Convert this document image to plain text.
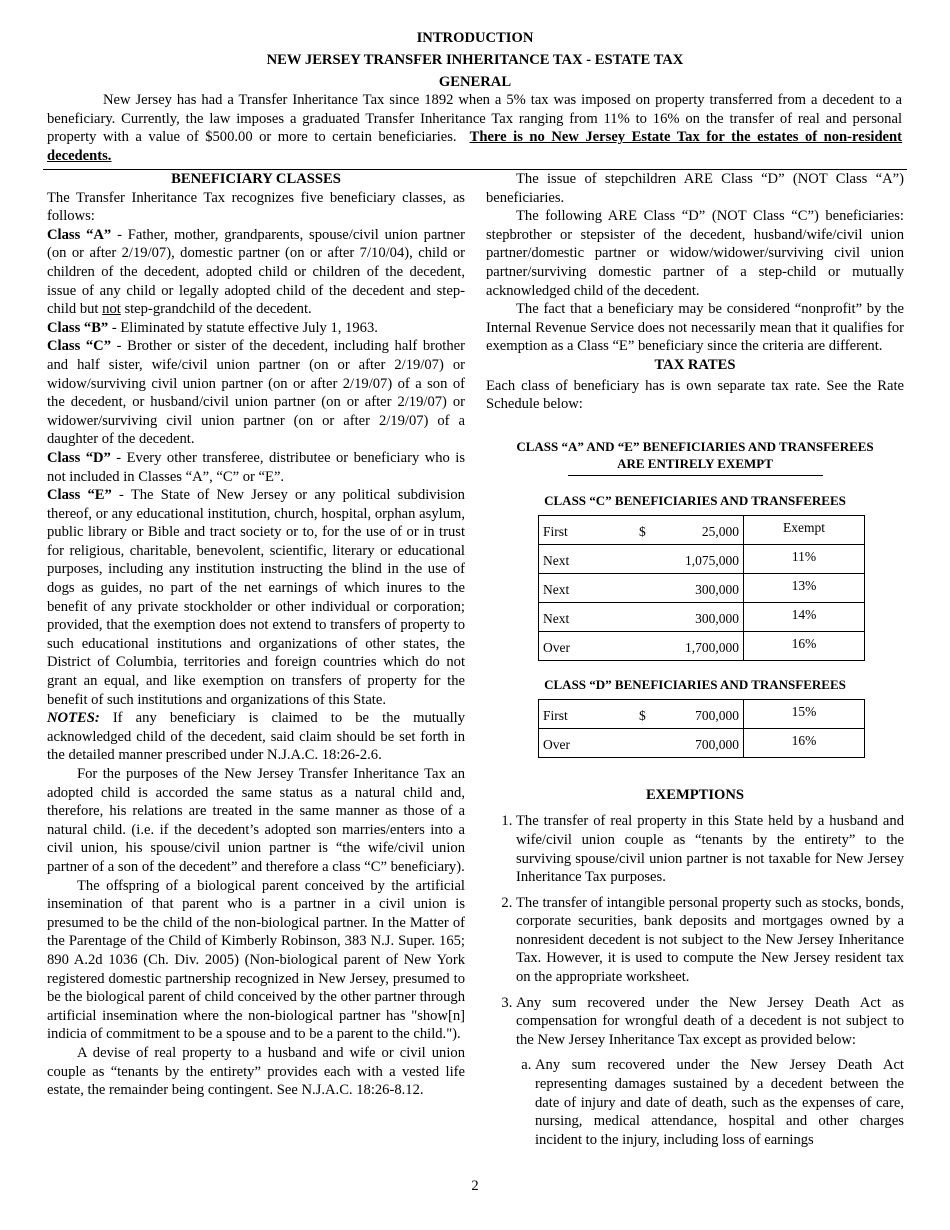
INTRODUCTION
NEW JERSEY TRANSFER INHERITANCE TAX - ESTATE TAX
GENERAL

New Jersey has had a Transfer Inheritance Tax since 1892 when a 5% tax was imposed on property transferred from a decedent to a beneficiary. Currently, the law imposes a graduated Transfer Inheritance Tax ranging from 11% to 16% on the transfer of real and personal property with a value of $500.00 or more to certain beneficiaries. There is no New Jersey Estate Tax for the estates of non-resident decedents.

BENEFICIARY CLASSES

The Transfer Inheritance Tax recognizes five beneficiary classes, as follows:

Class “A” - Father, mother, grandparents, spouse/civil union partner (on or after 2/19/07), domestic partner (on or after 7/10/04), child or children of the decedent, adopted child or children of the decedent, issue of any child or legally adopted child of the decedent and step-child but not step-grandchild of the decedent.

Class “B” - Eliminated by statute effective July 1, 1963.

Class “C” - Brother or sister of the decedent, including half brother and half sister, wife/civil union partner (on or after 2/19/07) or widow/surviving civil union partner (on or after 2/19/07) of a son of the decedent, or husband/civil union partner (on or after 2/19/07) or widower/surviving civil union partner (on or after 2/19/07) of a daughter of the decedent.

Class “D” - Every other transferee, distributee or beneficiary who is not included in Classes “A”, “C” or “E”.

Class “E” - The State of New Jersey or any political subdivision thereof, or any educational institution, church, hospital, orphan asylum, public library or Bible and tract society or to, for the use of or in trust for religious, charitable, benevolent, scientific, literary or educational purposes, including any institution instructing the blind in the use of dogs as guides, no part of the net earnings of which inures to the benefit of any private stockholder or other individual or corporation; provided, that the exemption does not extend to transfers of property to such educational institutions and organizations of other states, the District of Columbia, territories and foreign countries which do not grant an equal, and like exemption on transfers of property for the benefit of such institutions and organizations of this State.

NOTES: If any beneficiary is claimed to be the mutually acknowledged child of the decedent, said claim should be set forth in the detailed manner prescribed under N.J.A.C. 18:26-2.6.

For the purposes of the New Jersey Transfer Inheritance Tax an adopted child is accorded the same status as a natural child and, therefore, his relations are treated in the same manner as those of a natural child. (i.e. if the decedent’s adopted son marries/enters into a civil union, his spouse/civil union partner is “the wife/civil union partner of a son of the decedent” and therefore a class “C” beneficiary).

The offspring of a biological parent conceived by the artificial insemination of that parent who is a partner in a civil union is presumed to be the child of the non-biological partner. In the Matter of the Parentage of the Child of Kimberly Robinson, 383 N.J. Super. 165; 890 A.2d 1036 (Ch. Div. 2005) (Non-biological parent of New York registered domestic partnership recognized in New Jersey, presumed to be the biological parent of child conceived by the other partner through artificial insemination where the non-biological partner has "show[n] indicia of commitment to be a spouse and to be a parent to the child.").

A devise of real property to a husband and wife or civil union couple as “tenants by the entirety” provides each with a vested life estate, the remainder being contingent. See N.J.A.C. 18:26-8.12.

The issue of stepchildren ARE Class “D” (NOT Class “A”) beneficiaries.

The following ARE Class “D” (NOT Class “C”) beneficiaries: stepbrother or stepsister of the decedent, husband/wife/civil union partner/domestic partner or widow/widower/surviving civil union partner/surviving domestic partner of a step-child or mutually acknowledged child of the decedent.

The fact that a beneficiary may be considered “nonprofit” by the Internal Revenue Service does not necessarily mean that it qualifies for exemption as a Class “E” beneficiary since the criteria are different.

TAX RATES

Each class of beneficiary has is own separate tax rate. See the Rate Schedule below:

CLASS “A” AND “E” BENEFICIARIES AND TRANSFEREES
ARE ENTIRELY EXEMPT
CLASS “C” BENEFICIARIES AND TRANSFEREES
First	$ 25,000	Exempt
Next	1,075,000	11%
Next	300,000	13%
Next	300,000	14%
Over	1,700,000	16%
CLASS “D” BENEFICIARIES AND TRANSFEREES
First	$ 700,000	15%
Over	700,000	16%

EXEMPTIONS

1. The transfer of real property in this State held by a husband and wife/civil union couple as “tenants by the entirety” to the surviving spouse/civil union partner is not taxable for New Jersey Inheritance Tax purposes.
2. The transfer of intangible personal property such as stocks, bonds, corporate securities, bank deposits and mortgages owned by a nonresident decedent is not subject to the New Jersey Inheritance Tax. However, it is used to compute the New Jersey resident tax on the appropriate worksheet.
3. Any sum recovered under the New Jersey Death Act as compensation for wrongful death of a decedent is not subject to the New Jersey Inheritance Tax except as provided below:
a. Any sum recovered under the New Jersey Death Act representing damages sustained by a decedent between the date of injury and date of death, such as the expenses of care, nursing, medical attendance, hospital and other charges incident to the injury, including loss of earnings
2
